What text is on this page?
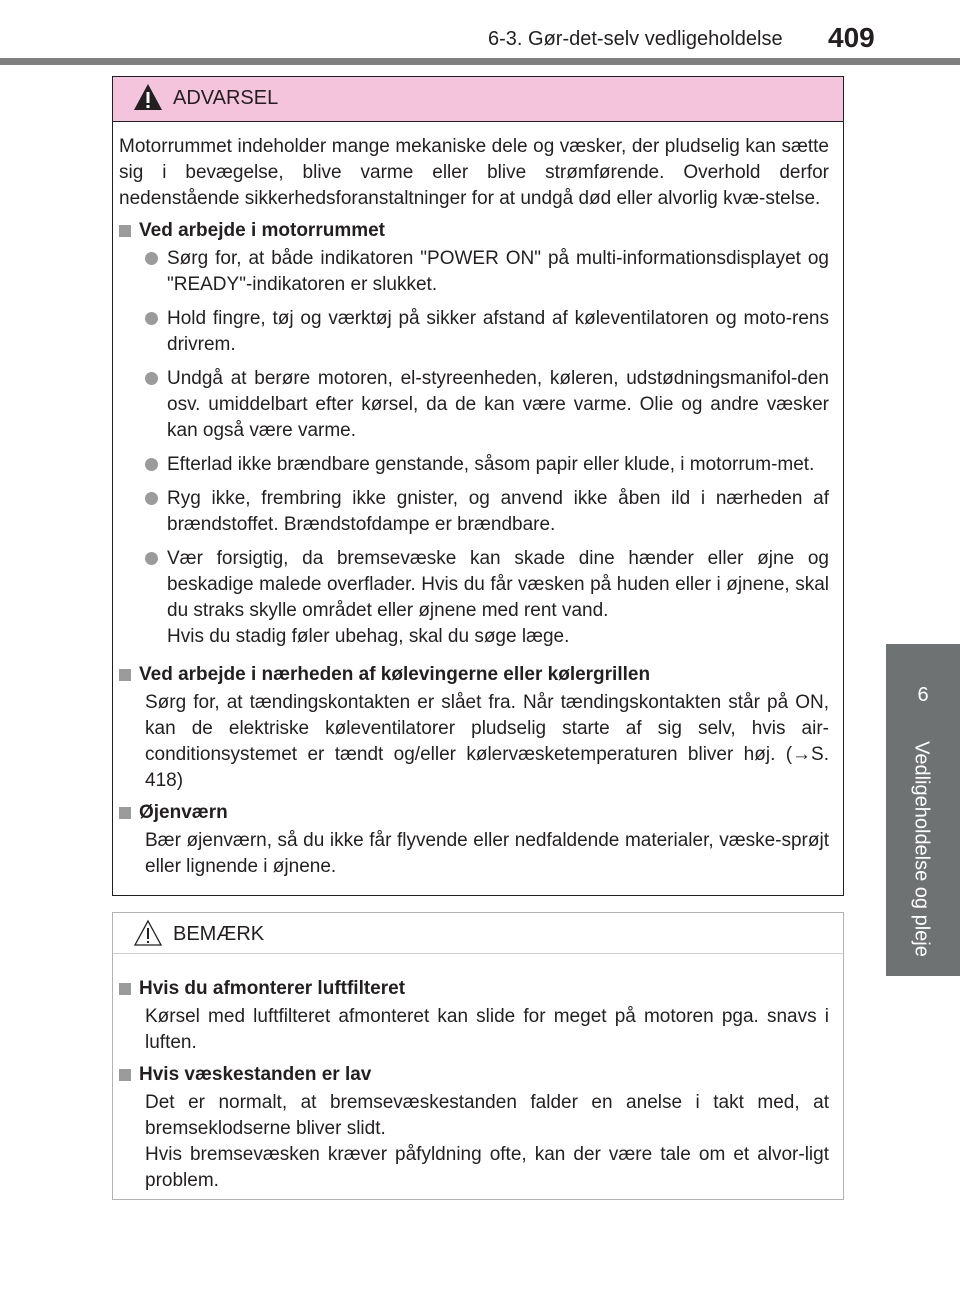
6-3. Gør-det-selv vedligeholdelse 409
6
Vedligeholdelse og pleje
ADVARSEL

Motorrummet indeholder mange mekaniske dele og væsker, der pludselig kan sætte sig i bevægelse, blive varme eller blive strømførende. Overhold derfor nedenstående sikkerhedsforanstaltninger for at undgå død eller alvorlig kvæ-stelse.

Ved arbejde i motorrummet

Sørg for, at både indikatoren "POWER ON" på multi-informationsdisplayet og "READY"-indikatoren er slukket.

Hold fingre, tøj og værktøj på sikker afstand af køleventilatoren og moto-rens drivrem.

Undgå at berøre motoren, el-styreenheden, køleren, udstødningsmanifol-den osv. umiddelbart efter kørsel, da de kan være varme. Olie og andre væsker kan også være varme.

Efterlad ikke brændbare genstande, såsom papir eller klude, i motorrum-met.

Ryg ikke, frembring ikke gnister, og anvend ikke åben ild i nærheden af brændstoffet. Brændstofdampe er brændbare.

Vær forsigtig, da bremsevæske kan skade dine hænder eller øjne og beskadige malede overflader. Hvis du får væsken på huden eller i øjnene, skal du straks skylle området eller øjnene med rent vand.

Hvis du stadig føler ubehag, skal du søge læge.

Ved arbejde i nærheden af kølevingerne eller kølergrillen

Sørg for, at tændingskontakten er slået fra. Når tændingskontakten står på ON, kan de elektriske køleventilatorer pludselig starte af sig selv, hvis air-conditionsystemet er tændt og/eller kølervæsketemperaturen bliver høj. (→S. 418)

Øjenværn

Bær øjenværn, så du ikke får flyvende eller nedfaldende materialer, væske-sprøjt eller lignende i øjnene.

BEMÆRK
Hvis du afmonterer luftfilteret

Kørsel med luftfilteret afmonteret kan slide for meget på motoren pga. snavs i luften.

Hvis væskestanden er lav

Det er normalt, at bremsevæskestanden falder en anelse i takt med, at bremseklodserne bliver slidt.

Hvis bremsevæsken kræver påfyldning ofte, kan der være tale om et alvor-ligt problem.
